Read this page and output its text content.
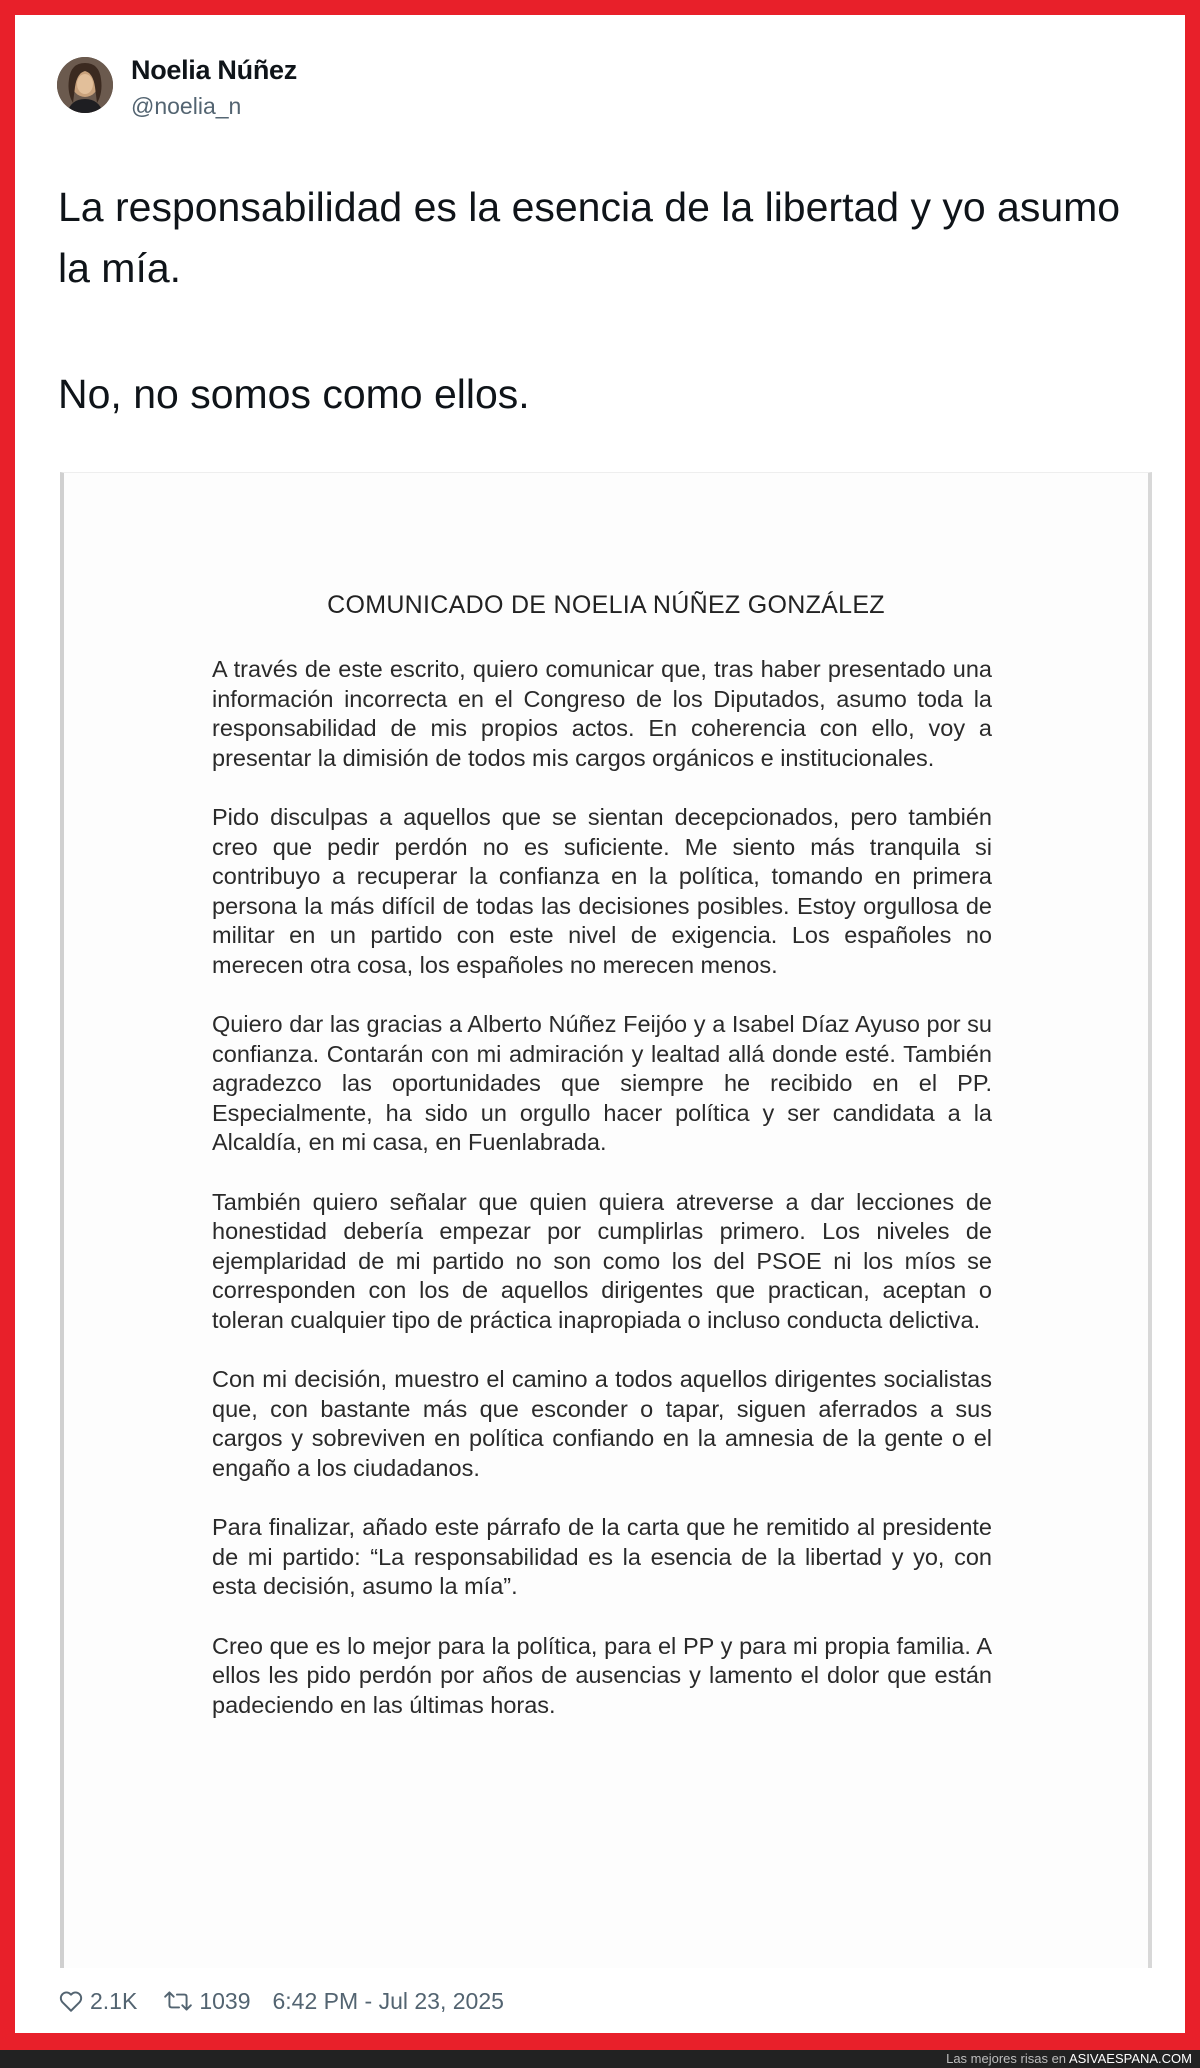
Noelia Núñez
@noelia_n

La responsabilidad es la esencia de la libertad y yo asumo la mía.

No, no somos como ellos.

COMUNICADO DE NOELIA NÚÑEZ GONZÁLEZ

A través de este escrito, quiero comunicar que, tras haber presentado una información incorrecta en el Congreso de los Diputados, asumo toda la responsabilidad de mis propios actos. En coherencia con ello, voy a presentar la dimisión de todos mis cargos orgánicos e institucionales.

Pido disculpas a aquellos que se sientan decepcionados, pero también creo que pedir perdón no es suficiente. Me siento más tranquila si contribuyo a recuperar la confianza en la política, tomando en primera persona la más difícil de todas las decisiones posibles. Estoy orgullosa de militar en un partido con este nivel de exigencia. Los españoles no merecen otra cosa, los españoles no merecen menos.

Quiero dar las gracias a Alberto Núñez Feijóo y a Isabel Díaz Ayuso por su confianza. Contarán con mi admiración y lealtad allá donde esté. También agradezco las oportunidades que siempre he recibido en el PP. Especialmente, ha sido un orgullo hacer política y ser candidata a la Alcaldía, en mi casa, en Fuenlabrada.

También quiero señalar que quien quiera atreverse a dar lecciones de honestidad debería empezar por cumplirlas primero. Los niveles de ejemplaridad de mi partido no son como los del PSOE ni los míos se corresponden con los de aquellos dirigentes que practican, aceptan o toleran cualquier tipo de práctica inapropiada o incluso conducta delictiva.

Con mi decisión, muestro el camino a todos aquellos dirigentes socialistas que, con bastante más que esconder o tapar, siguen aferrados a sus cargos y sobreviven en política confiando en la amnesia de la gente o el engaño a los ciudadanos.

Para finalizar, añado este párrafo de la carta que he remitido al presidente de mi partido: “La responsabilidad es la esencia de la libertad y yo, con esta decisión, asumo la mía”.

Creo que es lo mejor para la política, para el PP y para mi propia familia. A ellos les pido perdón por años de ausencias y lamento el dolor que están padeciendo en las últimas horas.

2.1K	1039 6:42 PM - Jul 23, 2025
Las mejores risas en ASIVAESPANA.COM
